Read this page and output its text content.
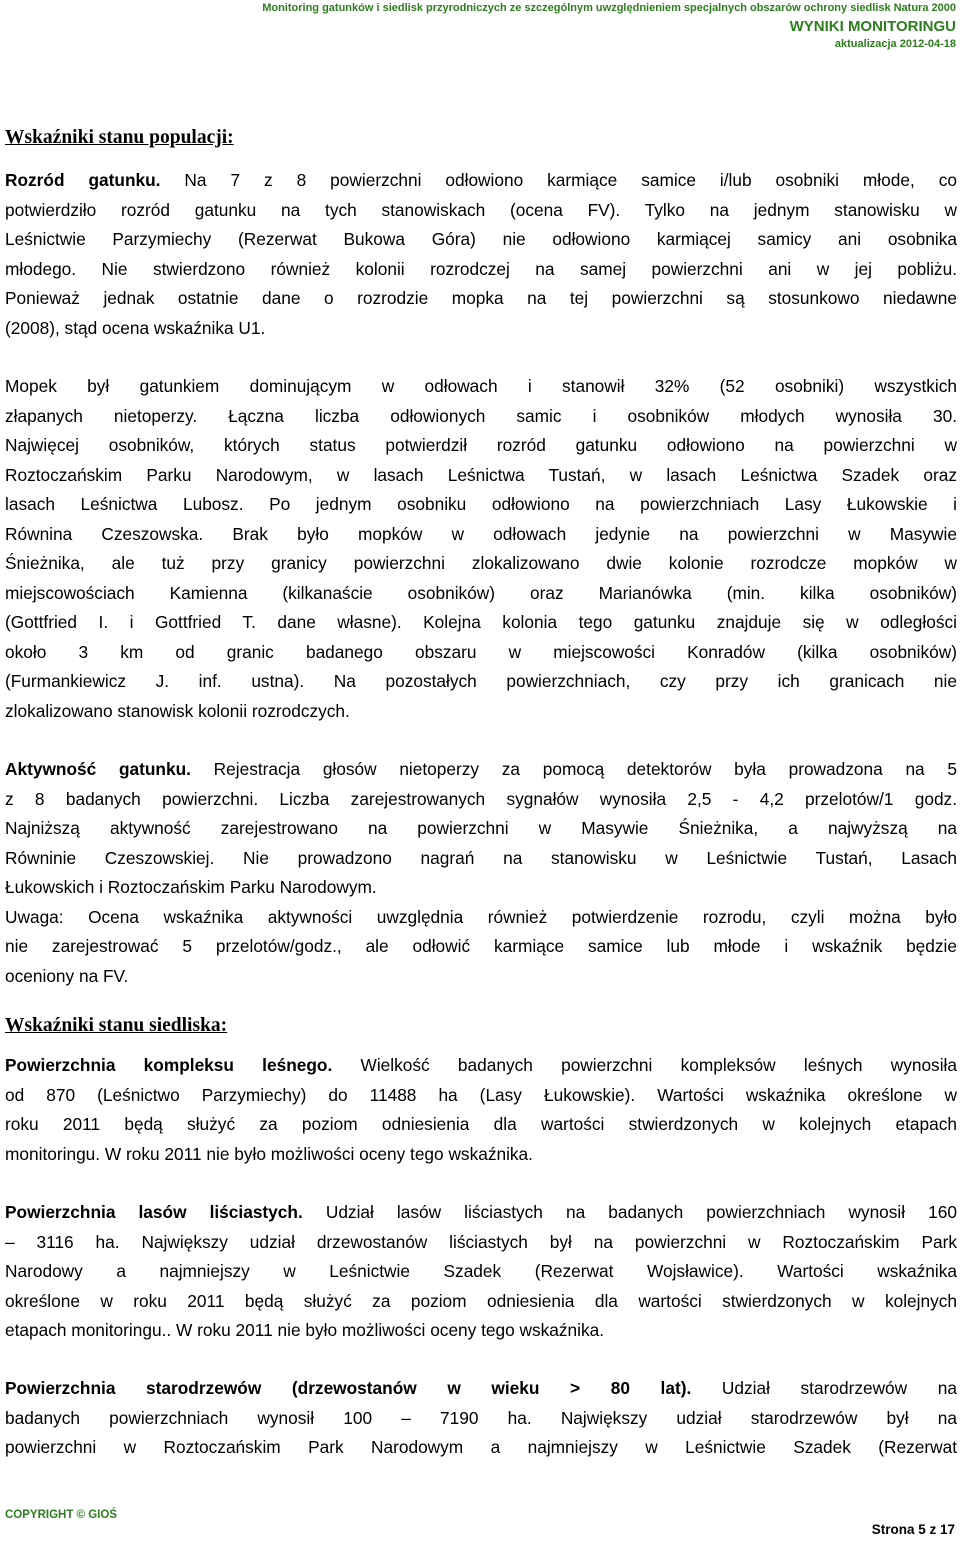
Monitoring gatunków i siedlisk przyrodniczych ze szczególnym uwzględnieniem specjalnych obszarów ochrony siedlisk Natura 2000
WYNIKI MONITORINGU
aktualizacja 2012-04-18
Wskaźniki stanu populacji:
Rozród gatunku. Na 7 z 8 powierzchni odłowiono karmiące samice i/lub osobniki młode, co
potwierdziło rozród gatunku na tych stanowiskach (ocena FV). Tylko na jednym stanowisku w
Leśnictwie Parzymiechy (Rezerwat Bukowa Góra) nie odłowiono karmiącej samicy ani osobnika
młodego. Nie stwierdzono również kolonii rozrodczej na samej powierzchni ani w jej pobliżu.
Ponieważ jednak ostatnie dane o rozrodzie mopka na tej powierzchni są stosunkowo niedawne
(2008), stąd ocena wskaźnika U1.
Mopek był gatunkiem dominującym w odłowach i stanowił 32% (52 osobniki) wszystkich
złapanych nietoperzy. Łączna liczba odłowionych samic i osobników młodych wynosiła 30.
Najwięcej osobników, których status potwierdził rozród gatunku odłowiono na powierzchni w
Roztoczańskim Parku Narodowym, w lasach Leśnictwa Tustań, w lasach Leśnictwa Szadek oraz
lasach Leśnictwa Lubosz. Po jednym osobniku odłowiono na powierzchniach Lasy Łukowskie i
Równina Czeszowska. Brak było mopków w odłowach jedynie na powierzchni w Masywie
Śnieżnika, ale tuż przy granicy powierzchni zlokalizowano dwie kolonie rozrodcze mopków w
miejscowościach Kamienna (kilkanaście osobników) oraz Marianówka (min. kilka osobników)
(Gottfried I. i Gottfried T. dane własne). Kolejna kolonia tego gatunku znajduje się w odległości
około 3 km od granic badanego obszaru w miejscowości Konradów (kilka osobników)
(Furmankiewicz J. inf. ustna). Na pozostałych powierzchniach, czy przy ich granicach nie
zlokalizowano stanowisk kolonii rozrodczych.
Aktywność gatunku. Rejestracja głosów nietoperzy za pomocą detektorów była prowadzona na 5
z 8 badanych powierzchni. Liczba zarejestrowanych sygnałów wynosiła 2,5 - 4,2 przelotów/1 godz.
Najniższą aktywność zarejestrowano na powierzchni w Masywie Śnieżnika, a najwyższą na
Równinie Czeszowskiej. Nie prowadzono nagrań na stanowisku w Leśnictwie Tustań, Lasach
Łukowskich i Roztoczańskim Parku Narodowym.
Uwaga: Ocena wskaźnika aktywności uwzględnia również potwierdzenie rozrodu, czyli można było
nie zarejestrować 5 przelotów/godz., ale odłowić karmiące samice lub młode i wskaźnik będzie
oceniony na FV.
Wskaźniki stanu siedliska:
Powierzchnia kompleksu leśnego. Wielkość badanych powierzchni kompleksów leśnych wynosiła
od 870 (Leśnictwo Parzymiechy) do 11488 ha (Lasy Łukowskie). Wartości wskaźnika określone w
roku 2011 będą służyć za poziom odniesienia dla wartości stwierdzonych w kolejnych etapach
monitoringu. W roku 2011 nie było możliwości oceny tego wskaźnika.
Powierzchnia lasów liściastych. Udział lasów liściastych na badanych powierzchniach wynosił 160
– 3116 ha. Największy udział drzewostanów liściastych był na powierzchni w Roztoczańskim Park
Narodowy a najmniejszy w Leśnictwie Szadek (Rezerwat Wojsławice). Wartości wskaźnika
określone w roku 2011 będą służyć za poziom odniesienia dla wartości stwierdzonych w kolejnych
etapach monitoringu.. W roku 2011 nie było możliwości oceny tego wskaźnika.
Powierzchnia starodrzewów (drzewostanów w wieku > 80 lat). Udział starodrzewów na
badanych powierzchniach wynosił 100 – 7190 ha. Największy udział starodrzewów był na
powierzchni w Roztoczańskim Park Narodowym a najmniejszy w Leśnictwie Szadek (Rezerwat
COPYRIGHT © GIOŚ
Strona 5 z 17
